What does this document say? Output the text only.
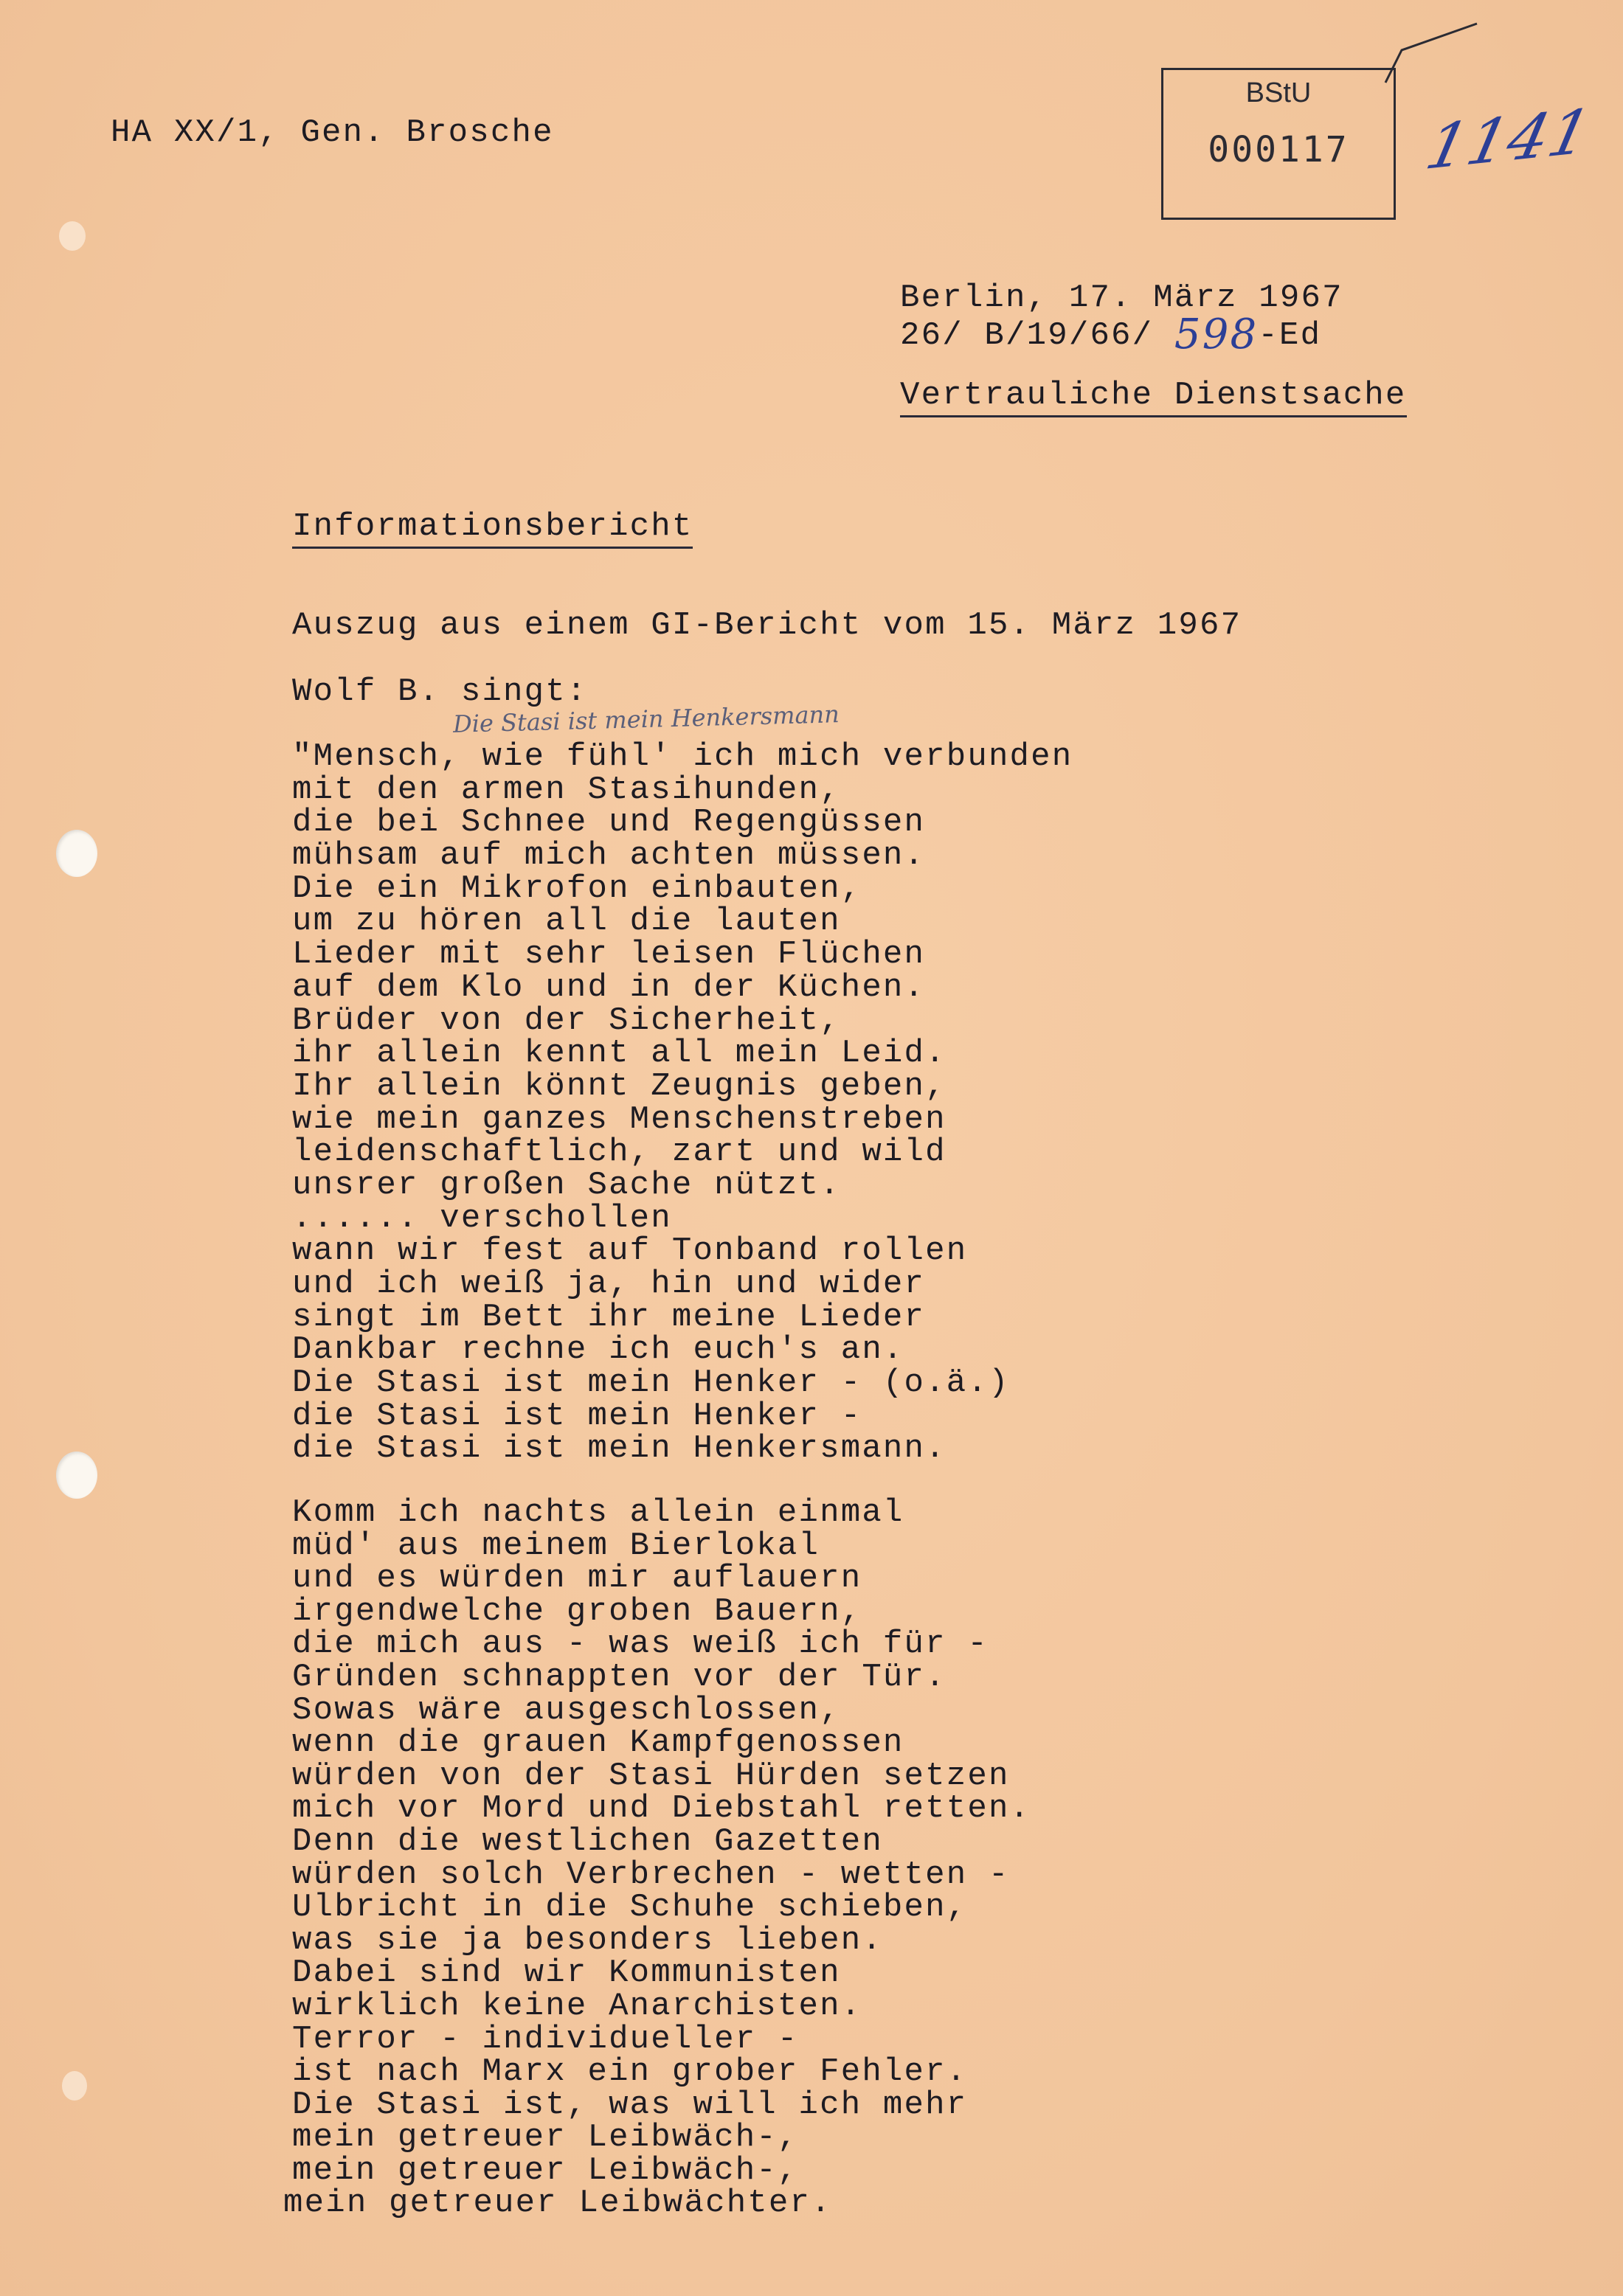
HA XX/1, Gen. Brosche
BStU
000117	1141
Berlin, 17. März 1967
26/ B/19/66/ 598-Ed
Vertrauliche Dienstsache
Informationsbericht
Auszug aus einem GI-Bericht vom 15. März 1967
Wolf B. singt:
Die Stasi ist mein Henkersmann
"Mensch, wie fühl' ich mich verbunden
mit den armen Stasihunden,
die bei Schnee und Regengüssen
mühsam auf mich achten müssen.
Die ein Mikrofon einbauten,
um zu hören all die lauten
Lieder mit sehr leisen Flüchen
auf dem Klo und in der Küchen.
Brüder von der Sicherheit,
ihr allein kennt all mein Leid.
Ihr allein könnt Zeugnis geben,
wie mein ganzes Menschenstreben
leidenschaftlich, zart und wild
unsrer großen Sache nützt.
...... verschollen
wann wir fest auf Tonband rollen
und ich weiß ja, hin und wider
singt im Bett ihr meine Lieder
Dankbar rechne ich euch's an.
Die Stasi ist mein Henker - (o.ä.)
die Stasi ist mein Henker -
die Stasi ist mein Henkersmann.
Komm ich nachts allein einmal
müd' aus meinem Bierlokal
und es würden mir auflauern
irgendwelche groben Bauern,
die mich aus - was weiß ich für -
Gründen schnappten vor der Tür.
Sowas wäre ausgeschlossen,
wenn die grauen Kampfgenossen
würden von der Stasi Hürden setzen
mich vor Mord und Diebstahl retten.
Denn die westlichen Gazetten
würden solch Verbrechen - wetten -
Ulbricht in die Schuhe schieben,
was sie ja besonders lieben.
Dabei sind wir Kommunisten
wirklich keine Anarchisten.
Terror - individueller -
ist nach Marx ein grober Fehler.
Die Stasi ist, was will ich mehr
mein getreuer Leibwäch-,
mein getreuer Leibwäch-,
mein getreuer Leibwächter.
